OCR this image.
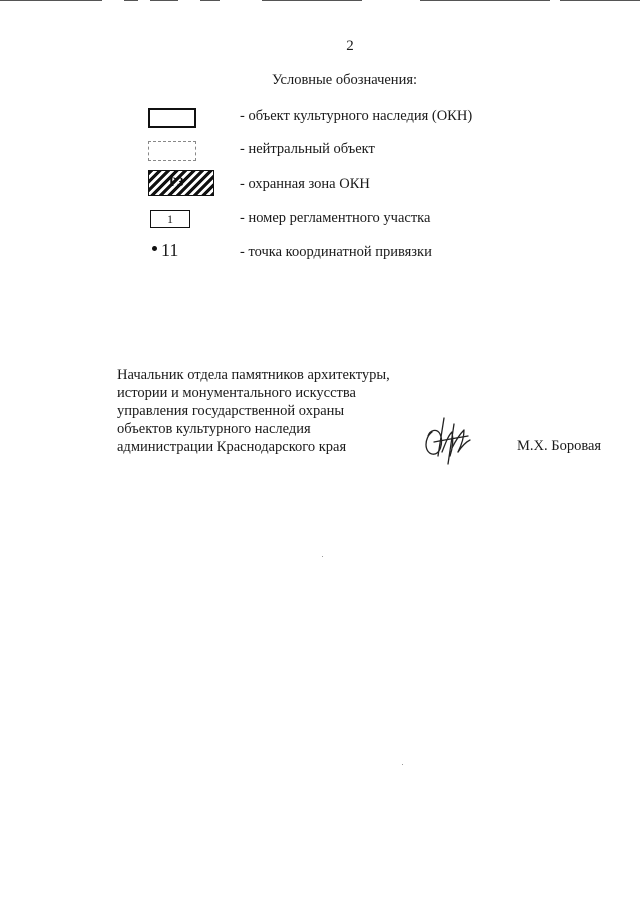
2
Условные обозначения:
- объект культурного наследия (ОКН)
- нейтральный объект
Р3	- охранная зона ОКН
1	- номер регламентного участка
11	- точка координатной привязки
Начальник отдела памятников архитектуры,
истории и монументального искусства
управления государственной охраны
объектов культурного наследия
администрации Краснодарского края	М.Х. Боровая
